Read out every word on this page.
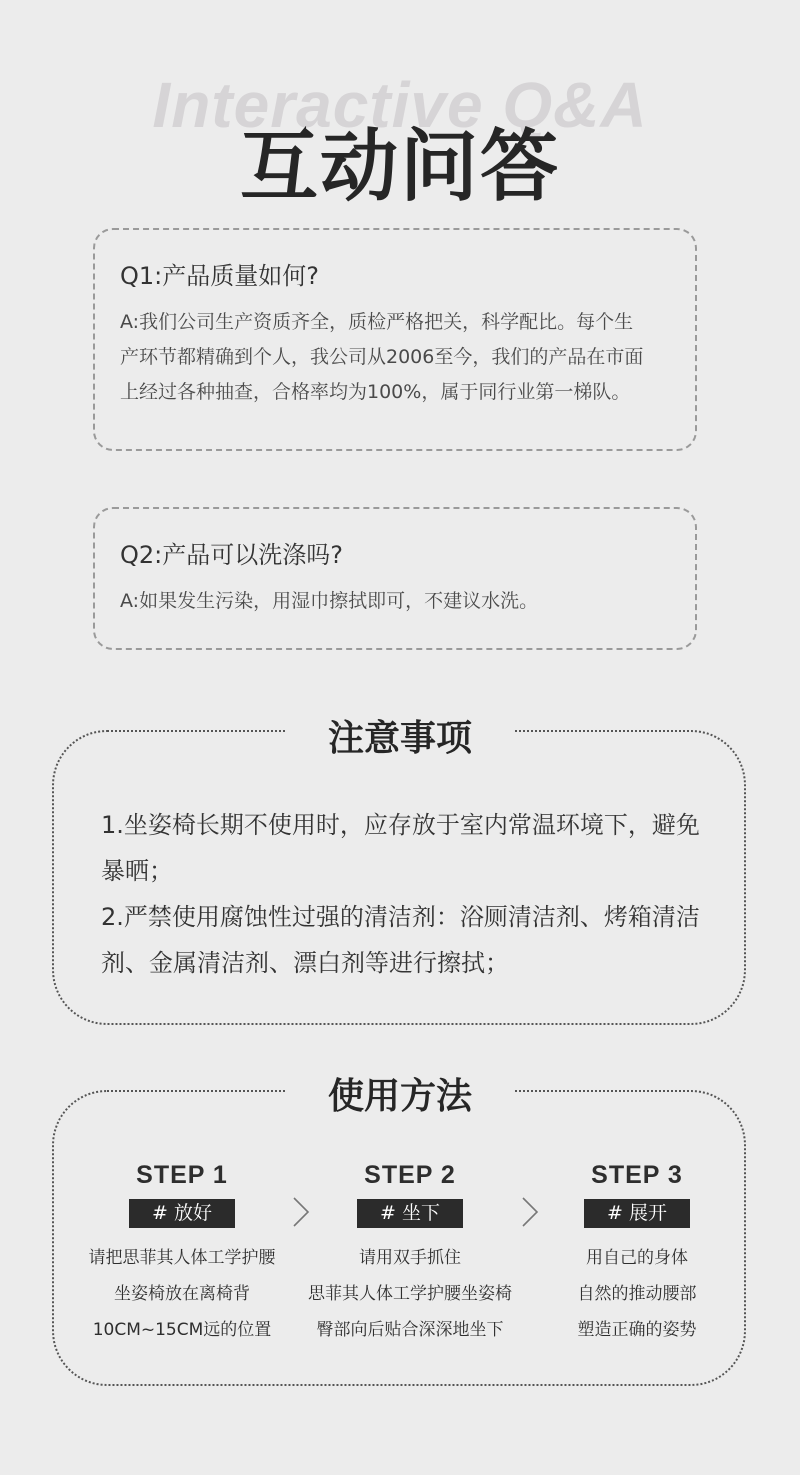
Interactive Q&A
互动问答
Q1:产品质量如何?
A:我们公司生产资质齐全，质检严格把关，科学配比。每个生
产环节都精确到个人，我公司从2006至今，我们的产品在市面
上经过各种抽查，合格率均为100%，属于同行业第一梯队。
Q2:产品可以洗涤吗?
A:如果发生污染，用湿巾擦拭即可，不建议水洗。
注意事项

1.坐姿椅长期不使用时，应存放于室内常温环境下，避免暴晒；

2.严禁使用腐蚀性过强的清洁剂：浴厕清洁剂、烤箱清洁剂、金属清洁剂、漂白剂等进行擦拭；

使用方法
STEP 1
# 放好
请把思菲其人体工学护腰
坐姿椅放在离椅背
10CM~15CM远的位置
STEP 2
# 坐下
请用双手抓住
思菲其人体工学护腰坐姿椅
臀部向后贴合深深地坐下
STEP 3
# 展开
用自己的身体
自然的推动腰部
塑造正确的姿势
